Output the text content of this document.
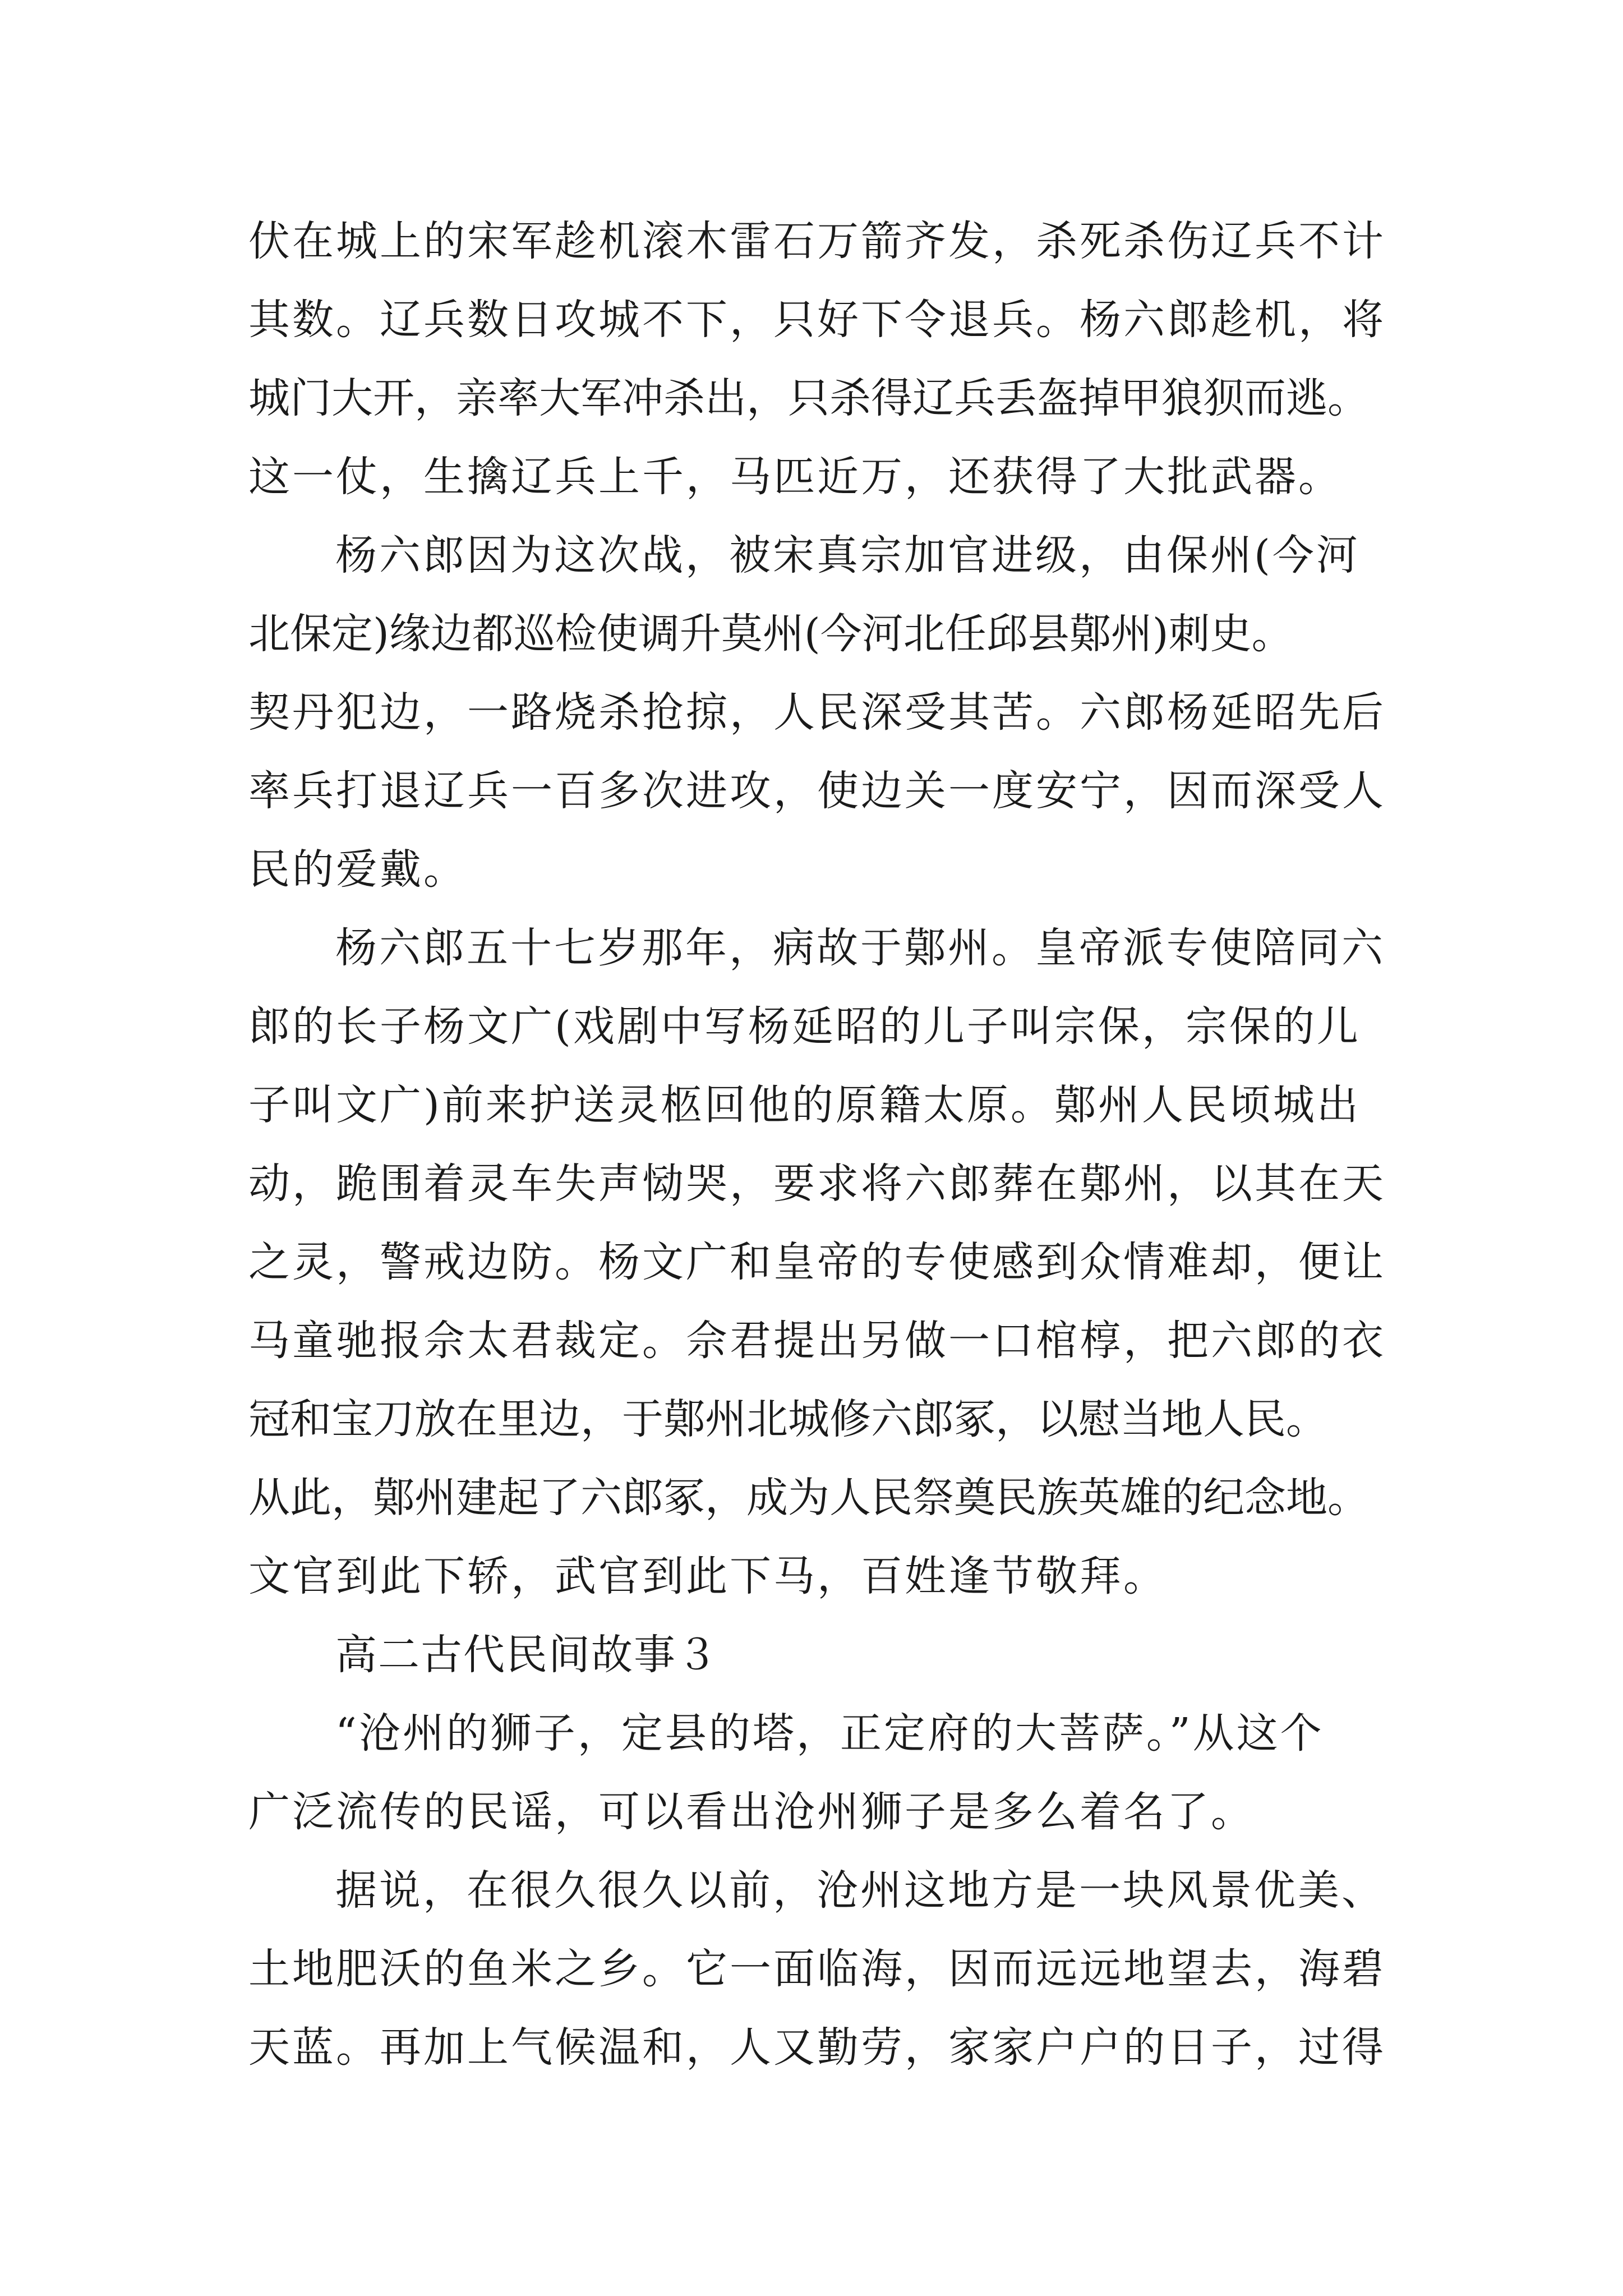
伏在城上的宋军趁机滚木雷石万箭齐发，杀死杀伤辽兵不计
其数。辽兵数日攻城不下，只好下令退兵。杨六郎趁机，将
城门大开，亲率大军冲杀出，只杀得辽兵丢盔掉甲狼狈而逃。
这一仗，生擒辽兵上千，马匹近万，还获得了大批武器。
杨六郎因为这次战，被宋真宗加官进级，由保州(今河
北保定)缘边都巡检使调升莫州(今河北任邱县鄚州)刺史。
契丹犯边，一路烧杀抢掠，人民深受其苦。六郎杨延昭先后
率兵打退辽兵一百多次进攻，使边关一度安宁，因而深受人
民的爱戴。
杨六郎五十七岁那年，病故于鄚州。皇帝派专使陪同六
郎的长子杨文广(戏剧中写杨延昭的儿子叫宗保，宗保的儿
子叫文广)前来护送灵柩回他的原籍太原。鄚州人民顷城出
动，跪围着灵车失声恸哭，要求将六郎葬在鄚州，以其在天
之灵，警戒边防。杨文广和皇帝的专使感到众情难却，便让
马童驰报佘太君裁定。佘君提出另做一口棺椁，把六郎的衣
冠和宝刀放在里边，于鄚州北城修六郎冢，以慰当地人民。
从此，鄚州建起了六郎冢，成为人民祭奠民族英雄的纪念地。
文官到此下轿，武官到此下马，百姓逢节敬拜。
高二古代民间故事３
“沧州的狮子，定县的塔，正定府的大菩萨。”从这个
广泛流传的民谣，可以看出沧州狮子是多么着名了。
据说，在很久很久以前，沧州这地方是一块风景优美、
土地肥沃的鱼米之乡。它一面临海，因而远远地望去，海碧
天蓝。再加上气候温和，人又勤劳，家家户户的日子，过得
